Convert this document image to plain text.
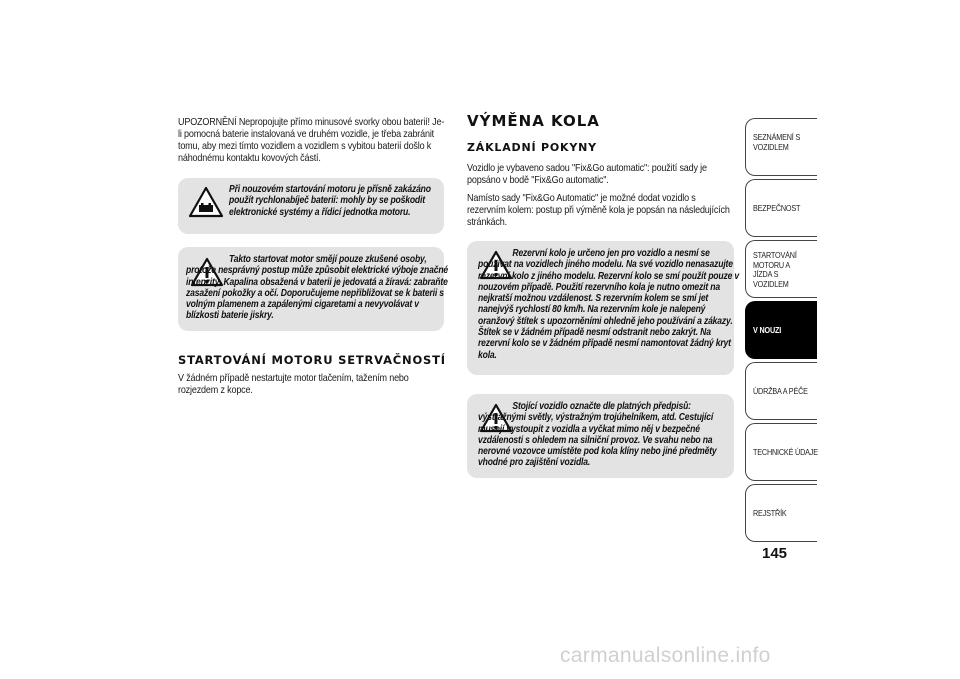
UPOZORNĚNÍ Nepropojujte přímo minusové svorky obou baterií! Je-li pomocná baterie instalovaná ve druhém vozidle, je třeba zabránit tomu, aby mezi tímto vozidlem a vozidlem s vybitou baterií došlo k náhodnému kontaktu kovových částí.

Při nouzovém startování motoru je přísně zakázáno použít rychlonabíječ baterií: mohly by se poškodit elektronické systémy a řídicí jednotka motoru.
Takto startovat motor smějí pouze zkušené osoby, protože nesprávný postup může způsobit elektrické výboje značné intenzity. Kapalina obsažená v baterii je jedovatá a žíravá: zabraňte zasažení pokožky a očí. Doporučujeme nepřibližovat se k baterii s volným plamenem a zapálenými cigaretami a nevyvolávat v blízkosti baterie jiskry.
STARTOVÁNÍ MOTORU SETRVAČNOSTÍ

V žádném případě nestartujte motor tlačením, tažením nebo rozjezdem z kopce.

VÝMĚNA KOLA
ZÁKLADNÍ POKYNY

Vozidlo je vybaveno sadou "Fix&Go automatic": použití sady je popsáno v bodě "Fix&Go automatic".

Namísto sady "Fix&Go Automatic" je možné dodat vozidlo s rezervním kolem: postup při výměně kola je popsán na následujících stránkách.

Rezervní kolo je určeno jen pro vozidlo a nesmí se používat na vozidlech jiného modelu. Na své vozidlo nenasazujte rezervní kolo z jiného modelu. Rezervní kolo se smí použít pouze v nouzovém případě. Použití rezervního kola je nutno omezit na nejkratší možnou vzdálenost. S rezervním kolem se smí jet nanejvýš rychlostí 80 km/h. Na rezervním kole je nalepený oranžový štítek s upozorněními ohledně jeho používání a zákazy. Štítek se v žádném případě nesmí odstranit nebo zakrýt. Na rezervní kolo se v žádném případě nesmí namontovat žádný kryt kola.
Stojící vozidlo označte dle platných předpisů: výstražnými světly, výstražným trojúhelníkem, atd. Cestující musejí vystoupit z vozidla a vyčkat mimo něj v bezpečné vzdálenosti s ohledem na silniční provoz. Ve svahu nebo na nerovné vozovce umístěte pod kola klíny nebo jiné předměty vhodné pro zajištění vozidla.
SEZNÁMENÍ S VOZIDLEM
BEZPEČNOST
STARTOVÁNÍ MOTORU A JÍZDA S VOZIDLEM
V NOUZI
ÚDRŽBA A PÉČE
TECHNICKÉ ÚDAJE
REJSTŘÍK
145
carmanualsonline.info
